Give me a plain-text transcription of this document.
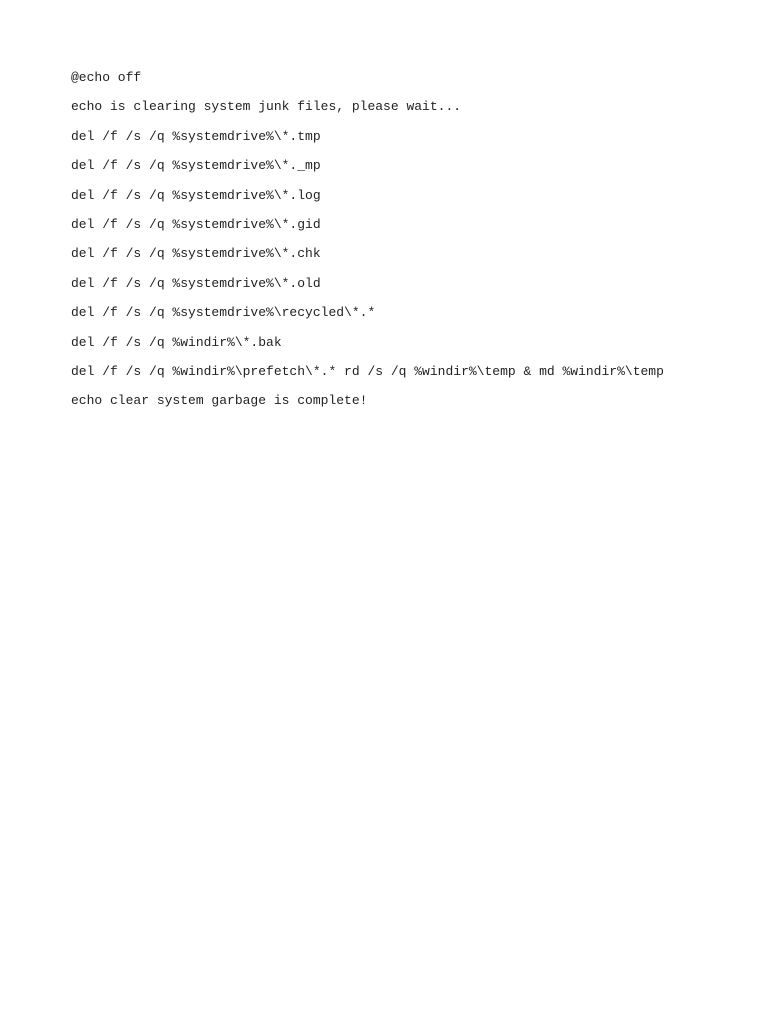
@echo off

echo is clearing system junk files, please wait...

del /f /s /q %systemdrive%\*.tmp

del /f /s /q %systemdrive%\*._mp

del /f /s /q %systemdrive%\*.log

del /f /s /q %systemdrive%\*.gid

del /f /s /q %systemdrive%\*.chk

del /f /s /q %systemdrive%\*.old

del /f /s /q %systemdrive%\recycled\*.*

del /f /s /q %windir%\*.bak

del /f /s /q %windir%\prefetch\*.* rd /s /q %windir%\temp & md %windir%\temp

echo clear system garbage is complete!
